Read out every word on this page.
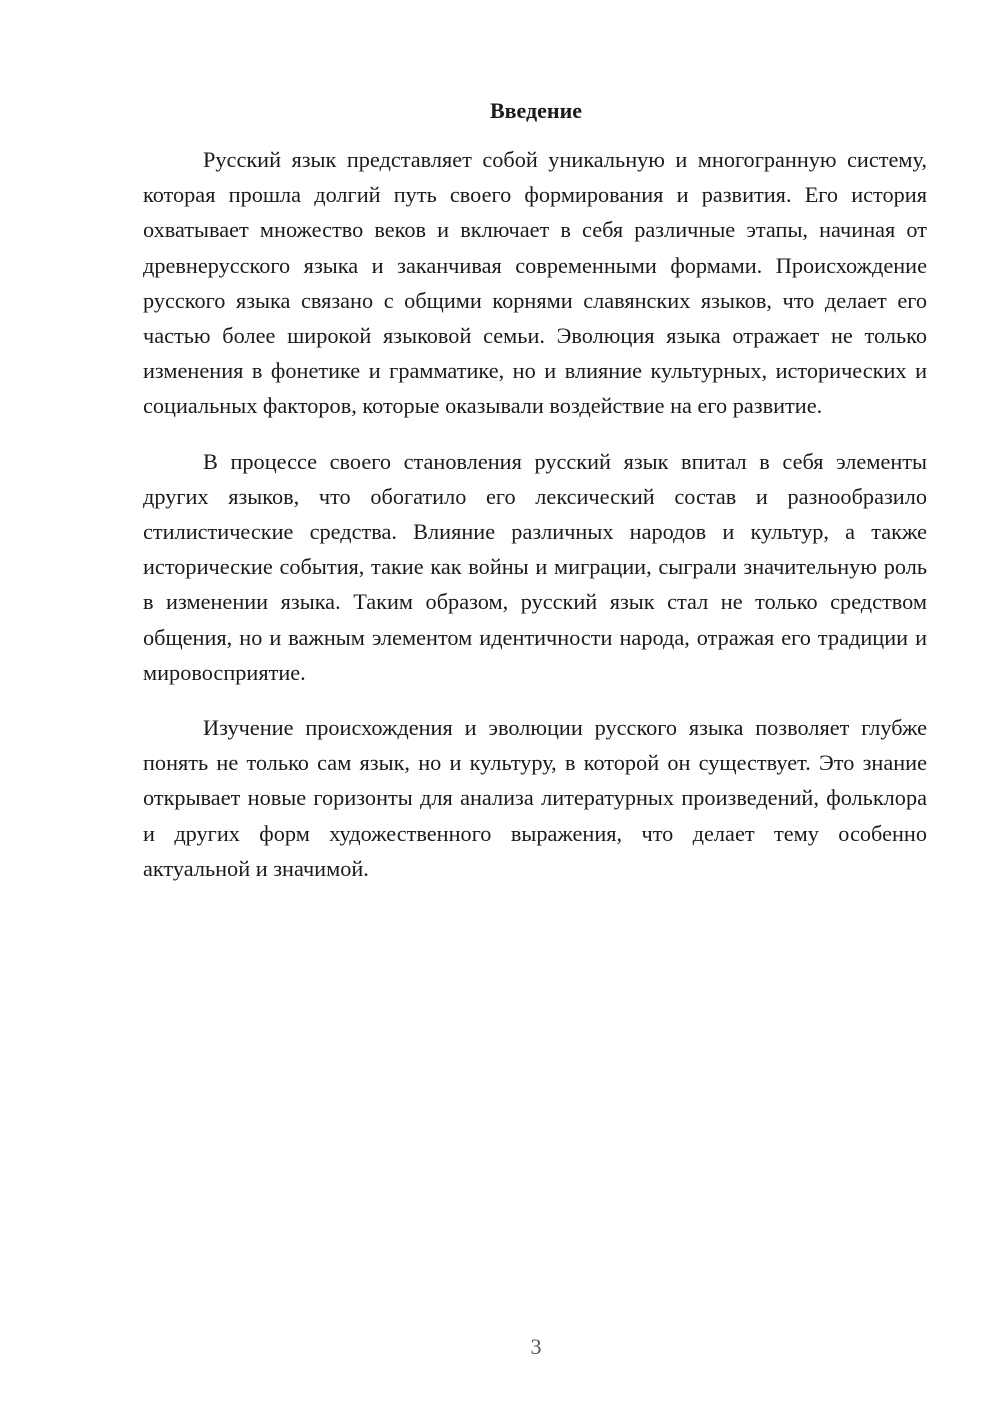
Введение

Русский язык представляет собой уникальную и многогранную систему, которая прошла долгий путь своего формирования и развития. Его история охватывает множество веков и включает в себя различные этапы, начиная от древнерусского языка и заканчивая современными формами. Происхождение русского языка связано с общими корнями славянских языков, что делает его частью более широкой языковой семьи. Эволюция языка отражает не только изменения в фонетике и грамматике, но и влияние культурных, исторических и социальных факторов, которые оказывали воздействие на его развитие.

В процессе своего становления русский язык впитал в себя элементы других языков, что обогатило его лексический состав и разнообразило стилистические средства. Влияние различных народов и культур, а также исторические события, такие как войны и миграции, сыграли значительную роль в изменении языка. Таким образом, русский язык стал не только средством общения, но и важным элементом идентичности народа, отражая его традиции и мировосприятие.

Изучение происхождения и эволюции русского языка позволяет глубже понять не только сам язык, но и культуру, в которой он существует. Это знание открывает новые горизонты для анализа литературных произведений, фольклора и других форм художественного выражения, что делает тему особенно актуальной и значимой.

3
